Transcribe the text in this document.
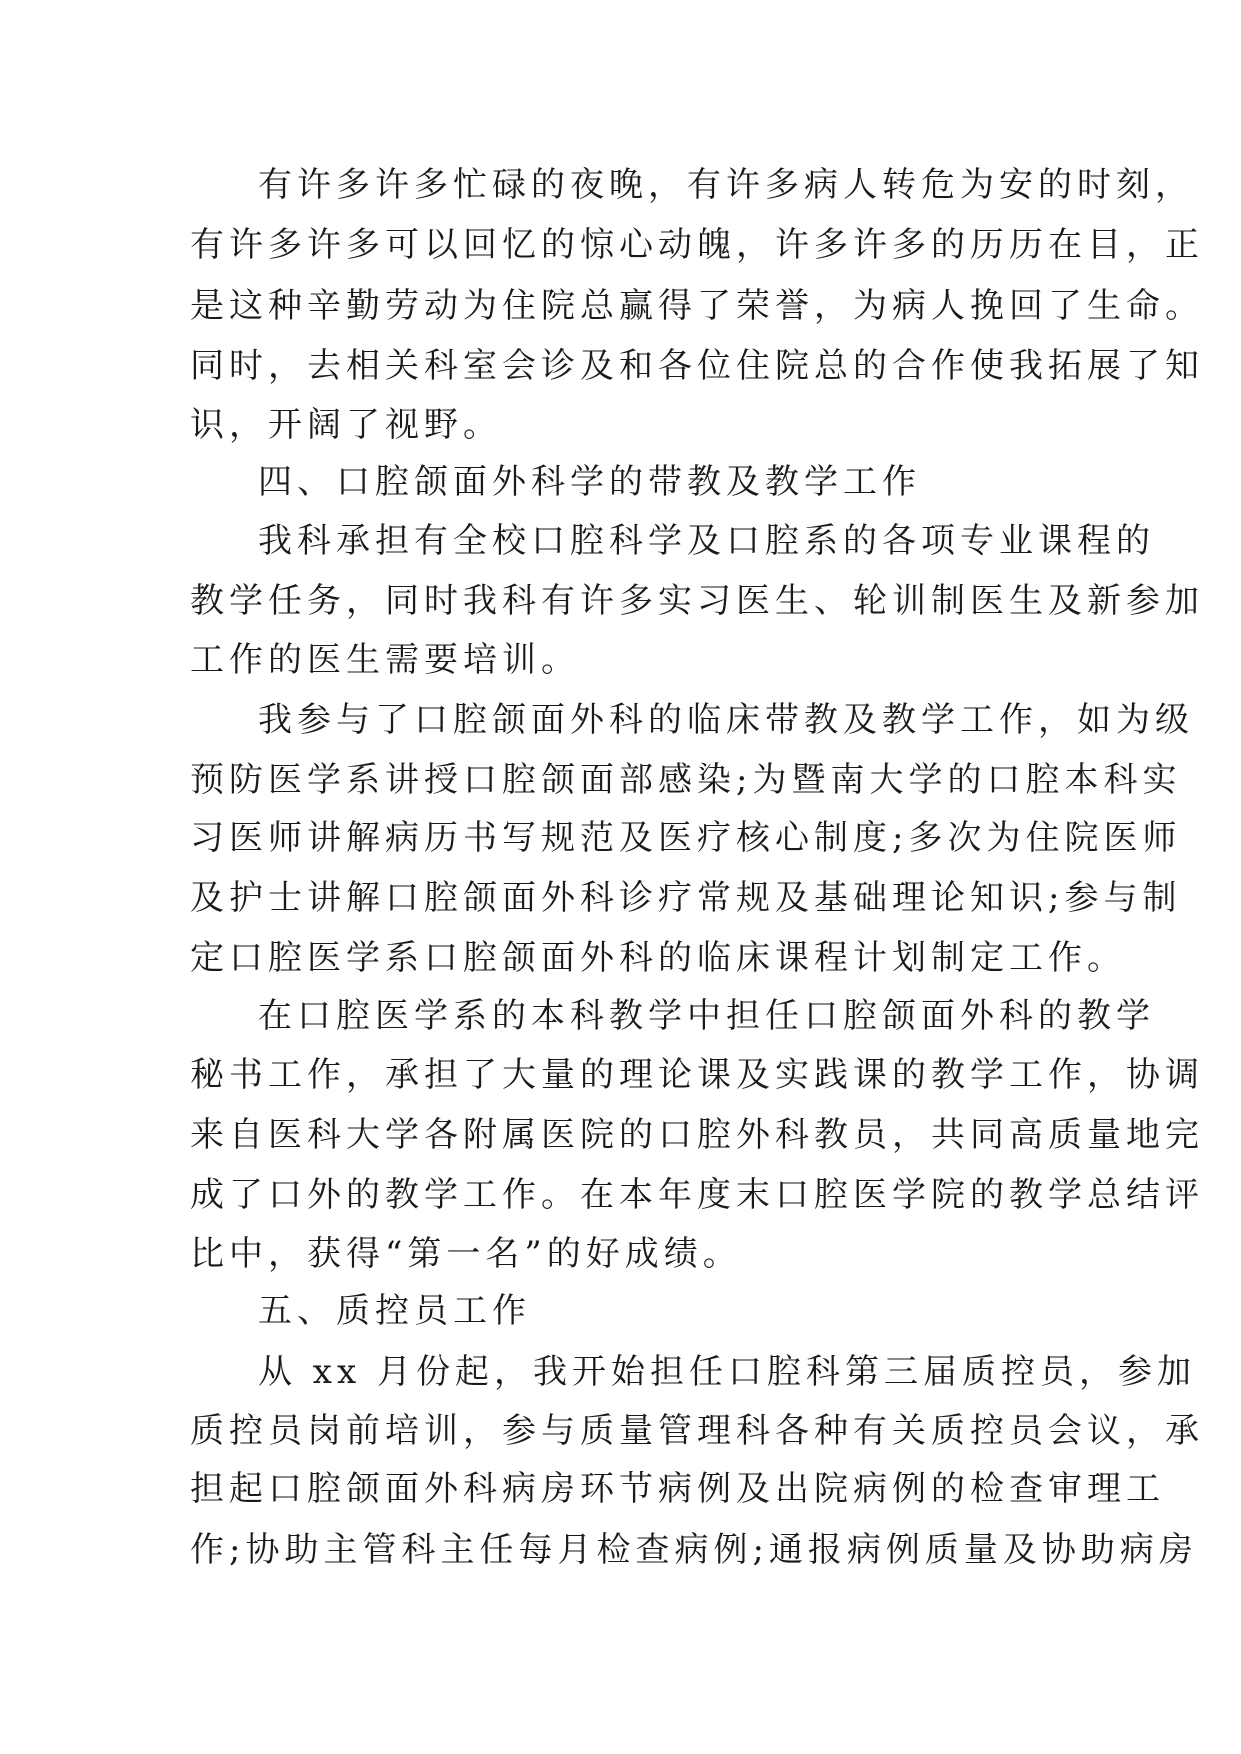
有许多许多忙碌的夜晚，有许多病人转危为安的时刻，
有许多许多可以回忆的惊心动魄，许多许多的历历在目，正
是这种辛勤劳动为住院总赢得了荣誉，为病人挽回了生命。
同时，去相关科室会诊及和各位住院总的合作使我拓展了知
识，开阔了视野。
四、口腔颌面外科学的带教及教学工作
我科承担有全校口腔科学及口腔系的各项专业课程的
教学任务，同时我科有许多实习医生、轮训制医生及新参加
工作的医生需要培训。
我参与了口腔颌面外科的临床带教及教学工作，如为级
预防医学系讲授口腔颌面部感染;为暨南大学的口腔本科实
习医师讲解病历书写规范及医疗核心制度;多次为住院医师
及护士讲解口腔颌面外科诊疗常规及基础理论知识;参与制
定口腔医学系口腔颌面外科的临床课程计划制定工作。
在口腔医学系的本科教学中担任口腔颌面外科的教学
秘书工作，承担了大量的理论课及实践课的教学工作，协调
来自医科大学各附属医院的口腔外科教员，共同高质量地完
成了口外的教学工作。在本年度末口腔医学院的教学总结评
比中，获得“第一名”的好成绩。
五、质控员工作
从 xx 月份起，我开始担任口腔科第三届质控员，参加
质控员岗前培训，参与质量管理科各种有关质控员会议，承
担起口腔颌面外科病房环节病例及出院病例的检查审理工
作;协助主管科主任每月检查病例;通报病例质量及协助病房
